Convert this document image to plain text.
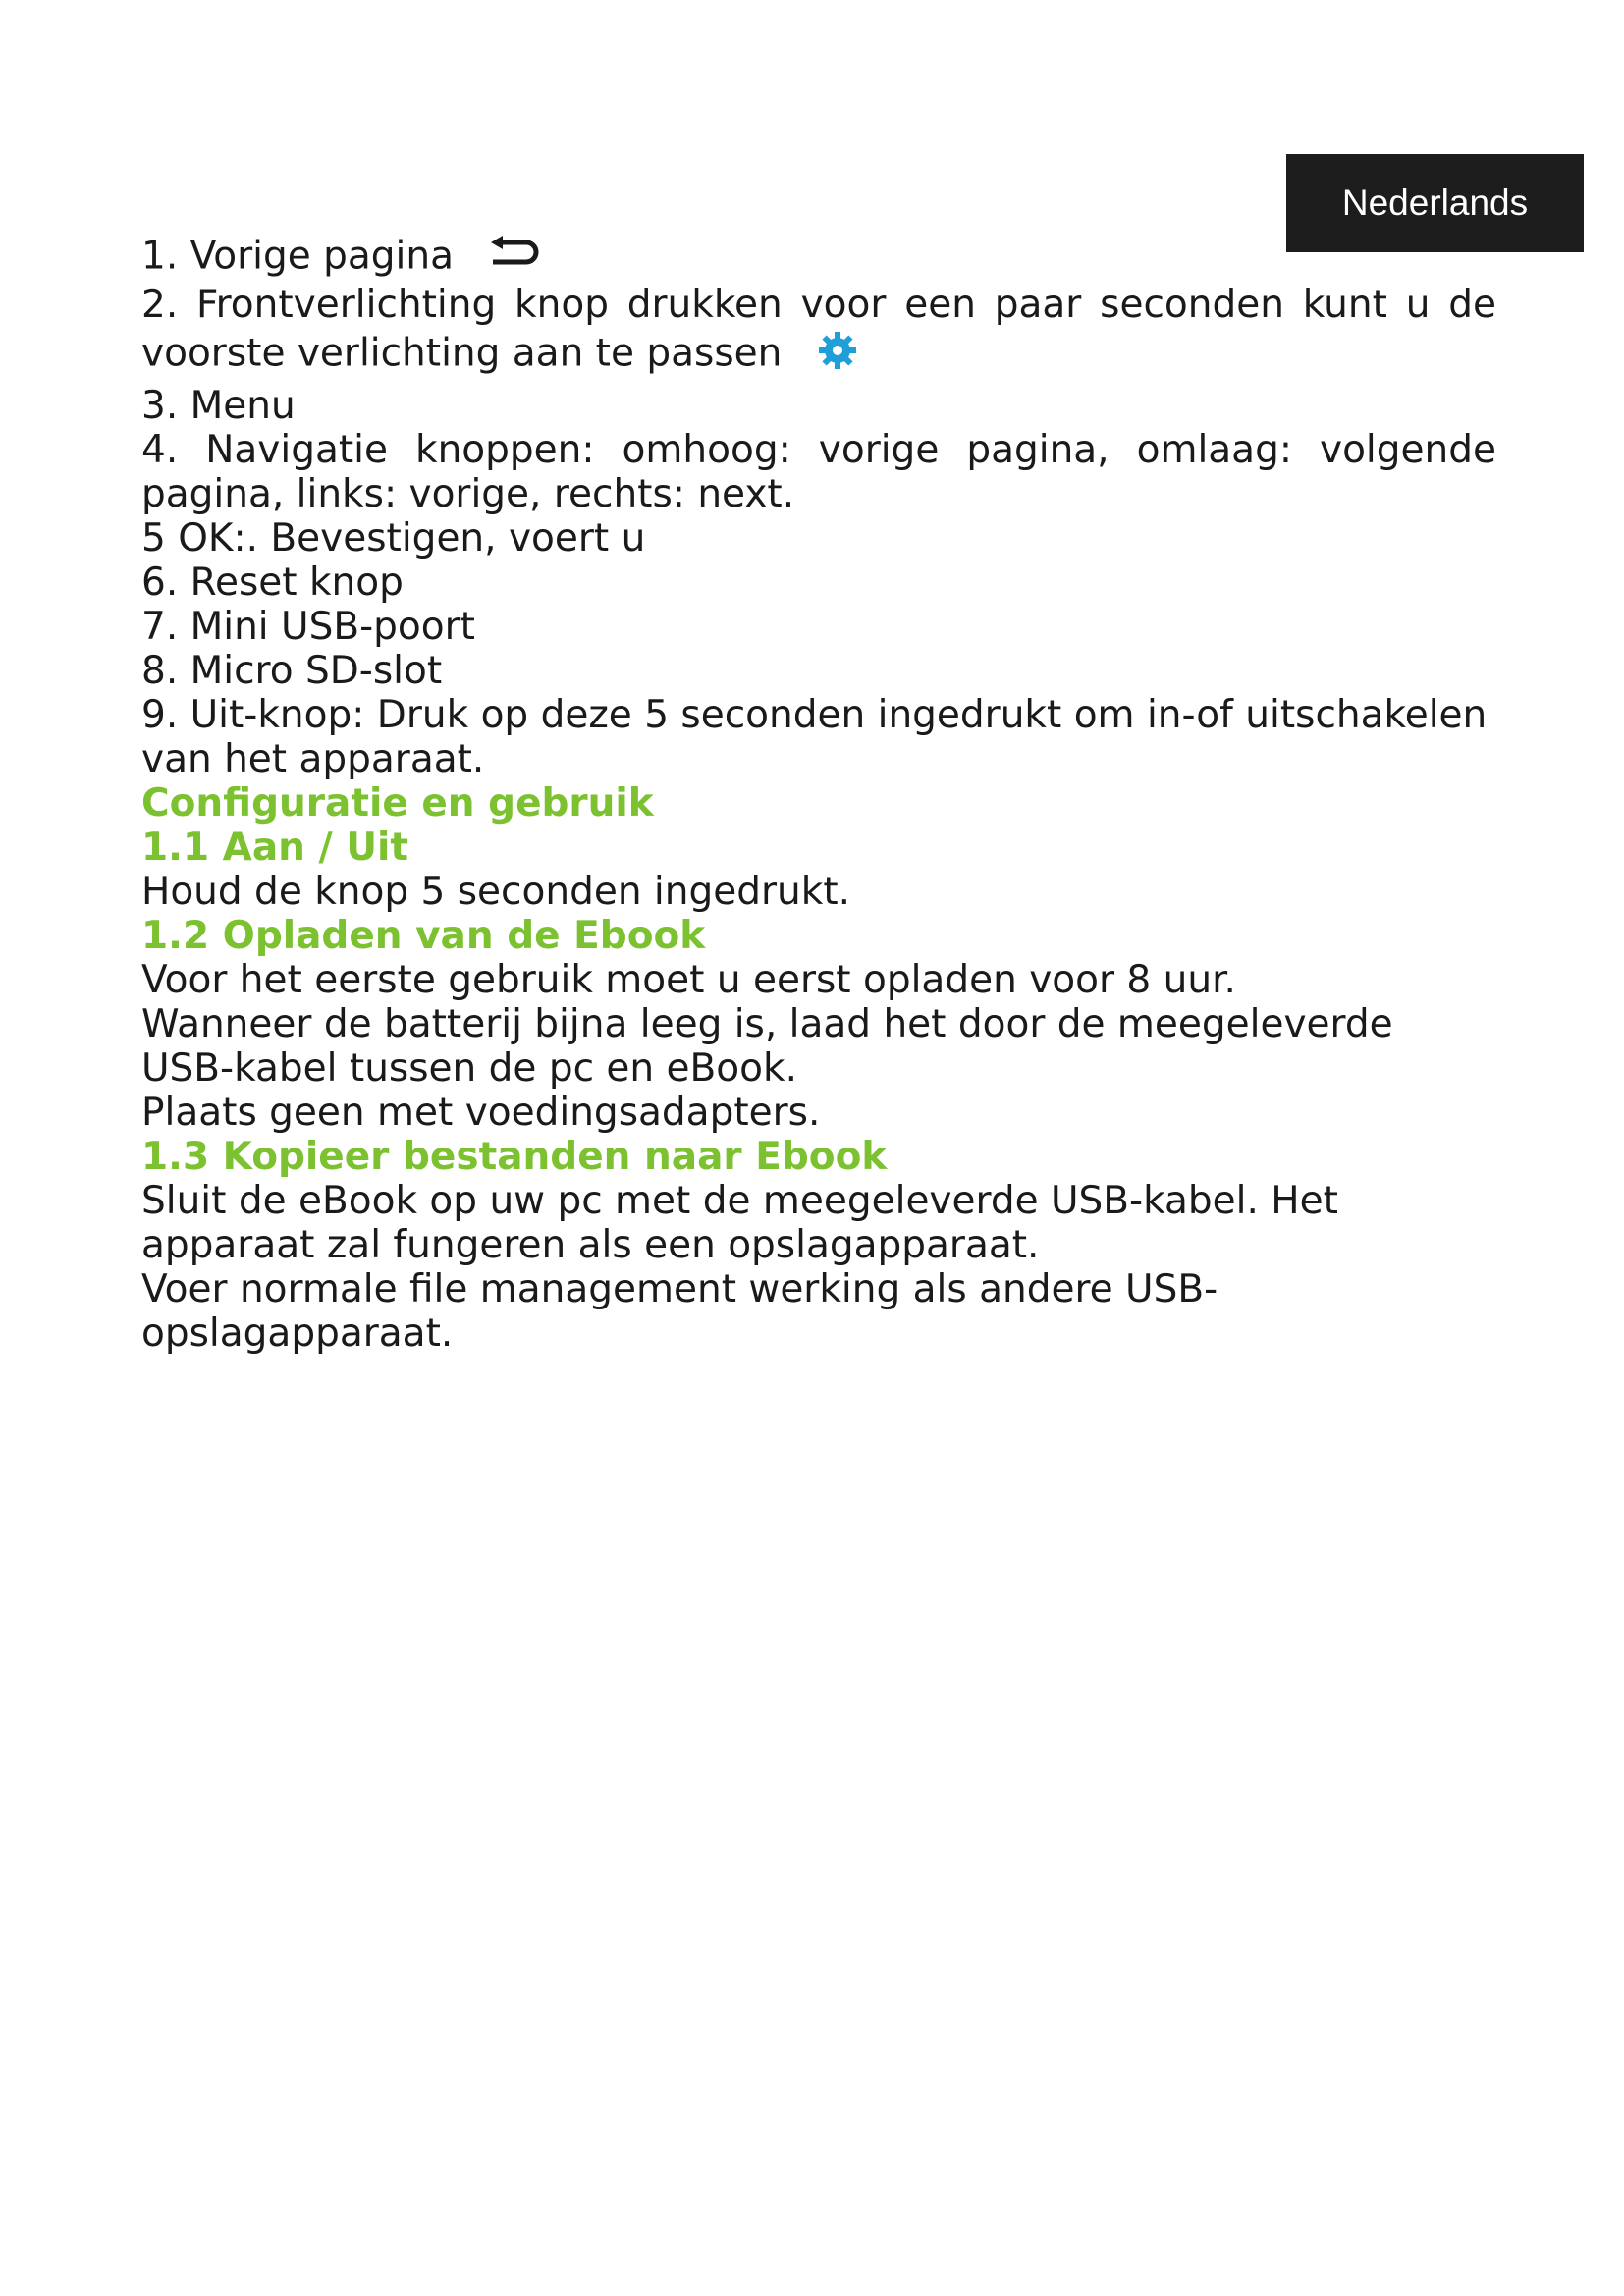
Nederlands

1. Vorige pagina

2. Frontverlichting knop drukken voor een paar seconden kunt u de voorste verlichting aan te passen

3. Menu

4. Navigatie knoppen: omhoog: vorige pagina, omlaag: volgende pagina, links: vorige, rechts: next.

5 OK:. Bevestigen, voert u

6. Reset knop

7. Mini USB-poort

8. Micro SD-slot

9. Uit-knop: Druk op deze 5 seconden ingedrukt om in-of uitschakelen van het apparaat.

Configuratie en gebruik

1.1 Aan / Uit

Houd de knop 5 seconden ingedrukt.

1.2 Opladen van de Ebook

Voor het eerste gebruik moet u eerst opladen voor 8 uur.

Wanneer de batterij bijna leeg is, laad het door de meegeleverde USB-kabel tussen de pc en eBook.

Plaats geen met voedingsadapters.

1.3 Kopieer bestanden naar Ebook

Sluit de eBook op uw pc met de meegeleverde USB-kabel. Het apparaat zal fungeren als een opslagapparaat.

Voer normale file management werking als andere USB-opslagapparaat.
